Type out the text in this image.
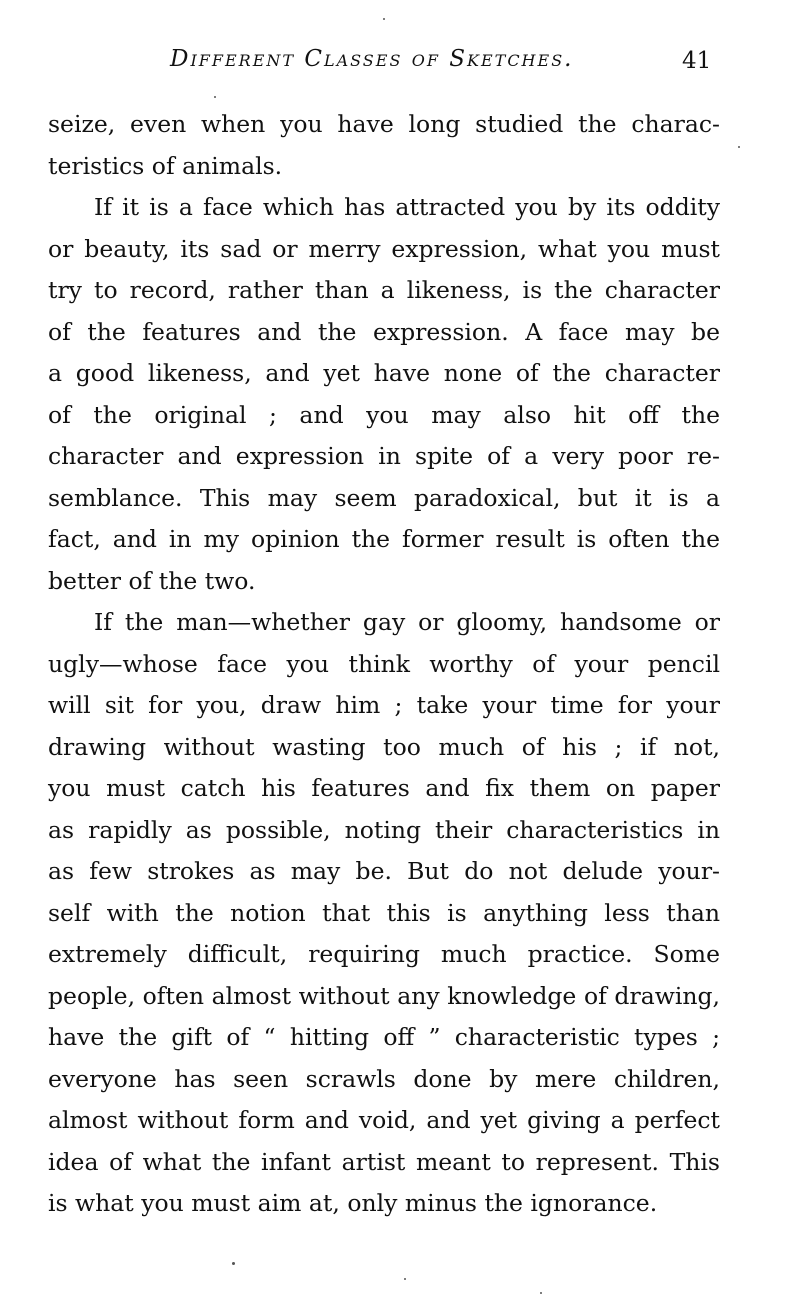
Different Classes of Sketches.	41
seize, even when you have long studied the charac-
teristics of animals.
If it is a face which has attracted you by its oddity
or beauty, its sad or merry expression, what you must
try to record, rather than a likeness, is the character
of the features and the expression. A face may be
a good likeness, and yet have none of the character
of the original ; and you may also hit off the
character and expression in spite of a very poor re-
semblance. This may seem paradoxical, but it is a
fact, and in my opinion the former result is often the
better of the two.
If the man—whether gay or gloomy, handsome or
ugly—whose face you think worthy of your pencil
will sit for you, draw him ; take your time for your
drawing without wasting too much of his ; if not,
you must catch his features and fix them on paper
as rapidly as possible, noting their characteristics in
as few strokes as may be. But do not delude your-
self with the notion that this is anything less than
extremely difficult, requiring much practice. Some
people, often almost without any knowledge of drawing,
have the gift of “ hitting off ” characteristic types ;
everyone has seen scrawls done by mere children,
almost without form and void, and yet giving a perfect
idea of what the infant artist meant to represent. This
is what you must aim at, only minus the ignorance.
